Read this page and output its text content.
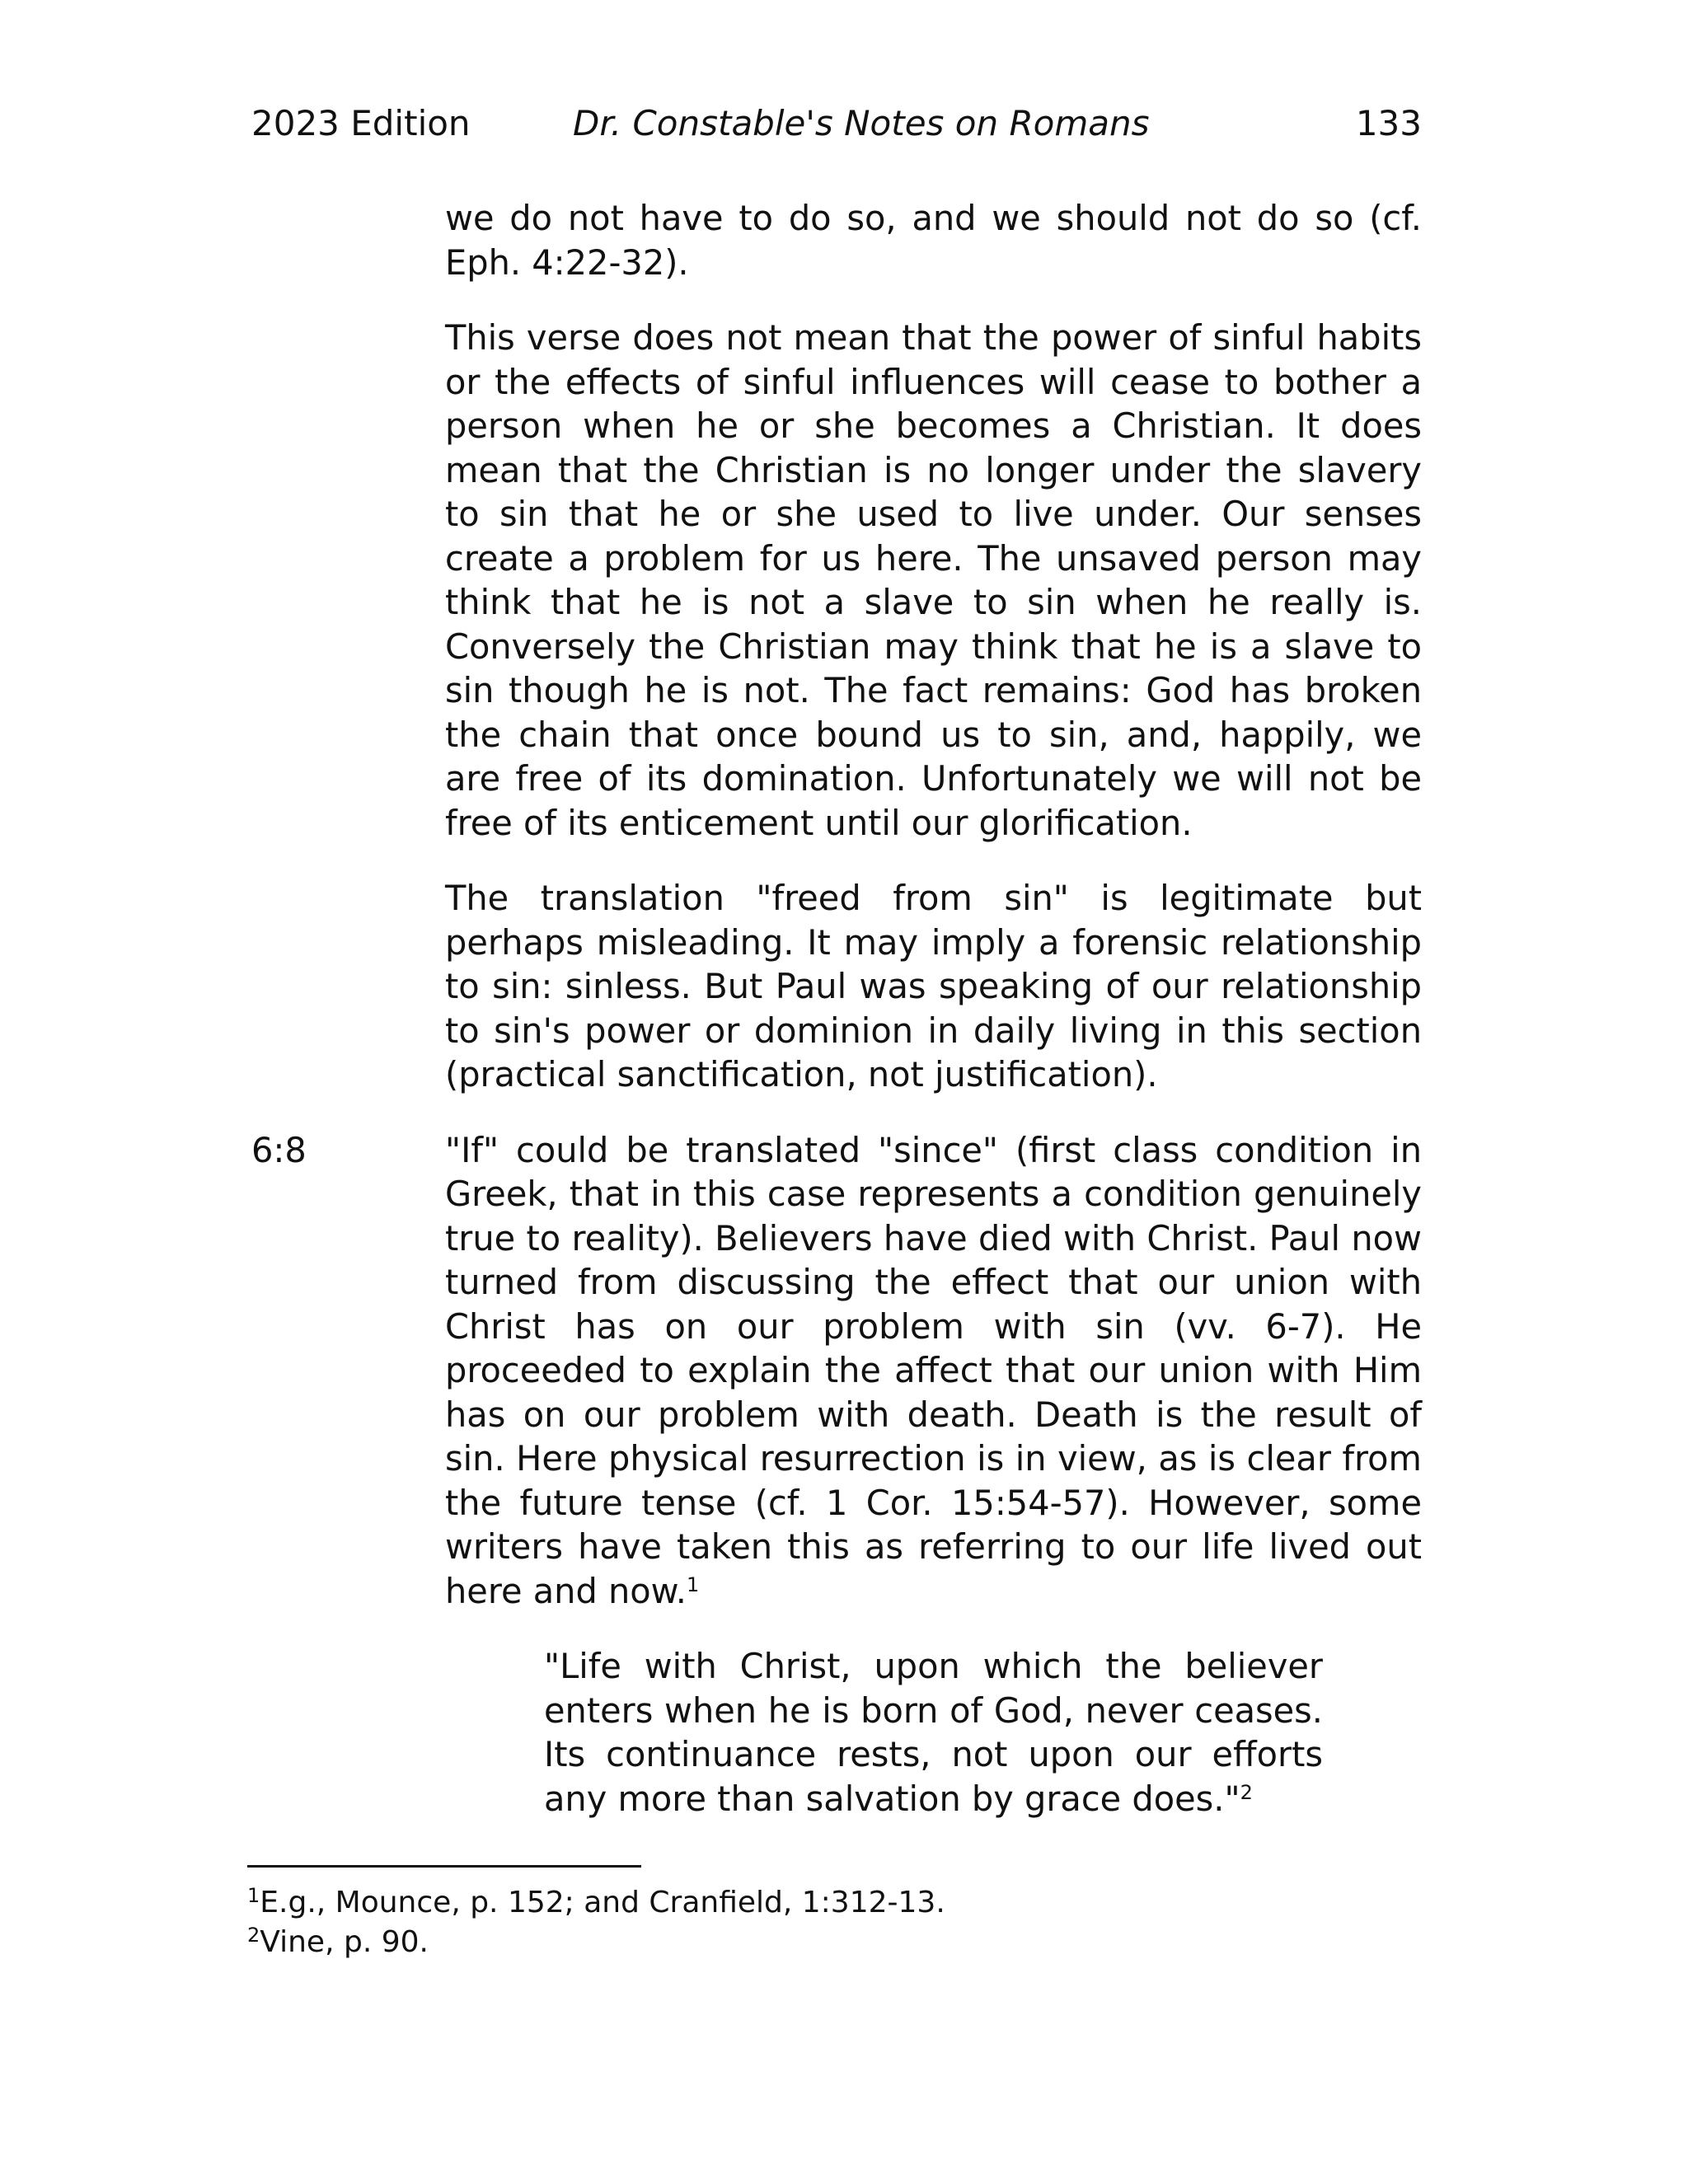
2023 Edition	Dr. Constable's Notes on Romans	133

we do not have to do so, and we should not do so (cf. Eph. 4:22-32).

This verse does not mean that the power of sinful habits or the effects of sinful influences will cease to bother a person when he or she becomes a Christian. It does mean that the Christian is no longer under the slavery to sin that he or she used to live under. Our senses create a problem for us here. The unsaved person may think that he is not a slave to sin when he really is. Conversely the Christian may think that he is a slave to sin though he is not. The fact remains: God has broken the chain that once bound us to sin, and, happily, we are free of its domination. Unfortunately we will not be free of its enticement until our glorification.

The translation "freed from sin" is legitimate but perhaps misleading. It may imply a forensic relationship to sin: sinless. But Paul was speaking of our relationship to sin's power or dominion in daily living in this section (practical sanctification, not justification).

6:8	"If" could be translated "since" (first class condition in Greek, that in this case represents a condition genuinely true to reality). Believers have died with Christ. Paul now turned from discussing the effect that our union with Christ has on our problem with sin (vv. 6-7). He proceeded to explain the affect that our union with Him has on our problem with death. Death is the result of sin. Here physical resurrection is in view, as is clear from the future tense (cf. 1 Cor. 15:54-57). However, some writers have taken this as referring to our life lived out here and now.$^1$

"Life with Christ, upon which the believer enters when he is born of God, never ceases. Its continuance rests, not upon our efforts any more than salvation by grace does."$^2$

$^1$E.g., Mounce, p. 152; and Cranfield, 1:312-13.
$^2$Vine, p. 90.
